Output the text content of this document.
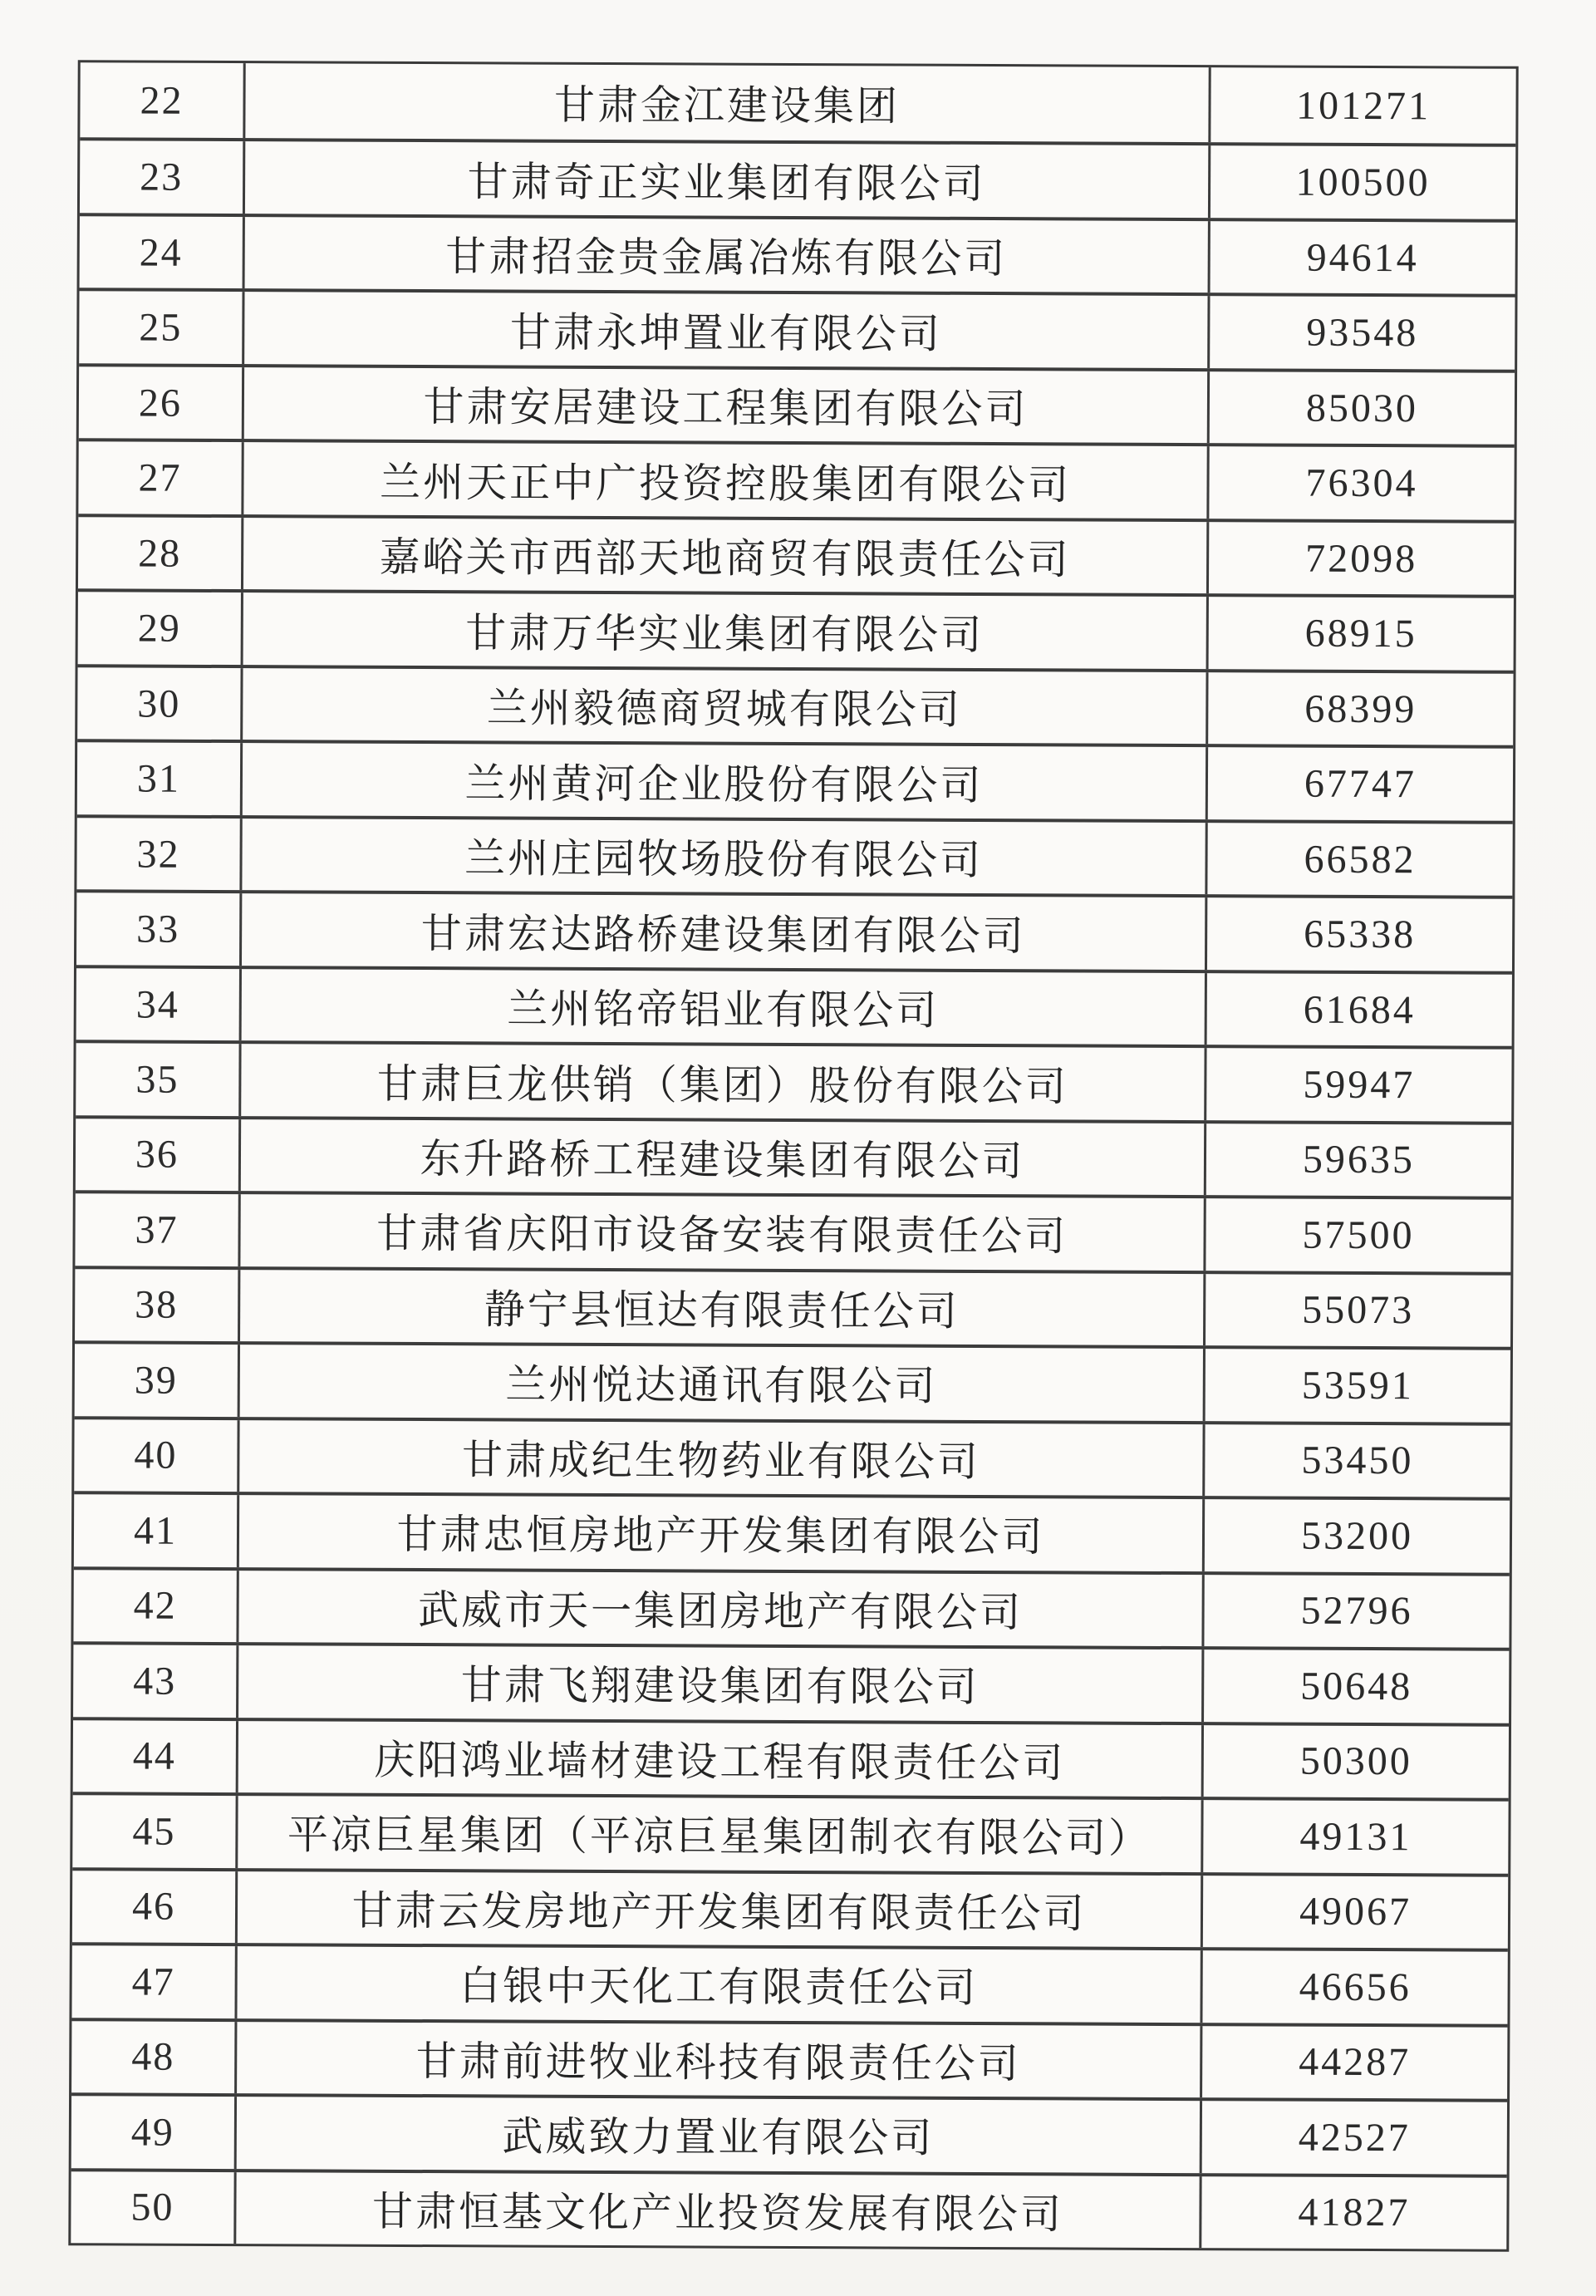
22	甘肃金江建设集团	101271
23	甘肃奇正实业集团有限公司	100500
24	甘肃招金贵金属冶炼有限公司	94614
25	甘肃永坤置业有限公司	93548
26	甘肃安居建设工程集团有限公司	85030
27	兰州天正中广投资控股集团有限公司	76304
28	嘉峪关市西部天地商贸有限责任公司	72098
29	甘肃万华实业集团有限公司	68915
30	兰州毅德商贸城有限公司	68399
31	兰州黄河企业股份有限公司	67747
32	兰州庄园牧场股份有限公司	66582
33	甘肃宏达路桥建设集团有限公司	65338
34	兰州铭帝铝业有限公司	61684
35	甘肃巨龙供销（集团）股份有限公司	59947
36	东升路桥工程建设集团有限公司	59635
37	甘肃省庆阳市设备安装有限责任公司	57500
38	静宁县恒达有限责任公司	55073
39	兰州悦达通讯有限公司	53591
40	甘肃成纪生物药业有限公司	53450
41	甘肃忠恒房地产开发集团有限公司	53200
42	武威市天一集团房地产有限公司	52796
43	甘肃飞翔建设集团有限公司	50648
44	庆阳鸿业墙材建设工程有限责任公司	50300
45	平凉巨星集团（平凉巨星集团制衣有限公司）	49131
46	甘肃云发房地产开发集团有限责任公司	49067
47	白银中天化工有限责任公司	46656
48	甘肃前进牧业科技有限责任公司	44287
49	武威致力置业有限公司	42527
50	甘肃恒基文化产业投资发展有限公司	41827
